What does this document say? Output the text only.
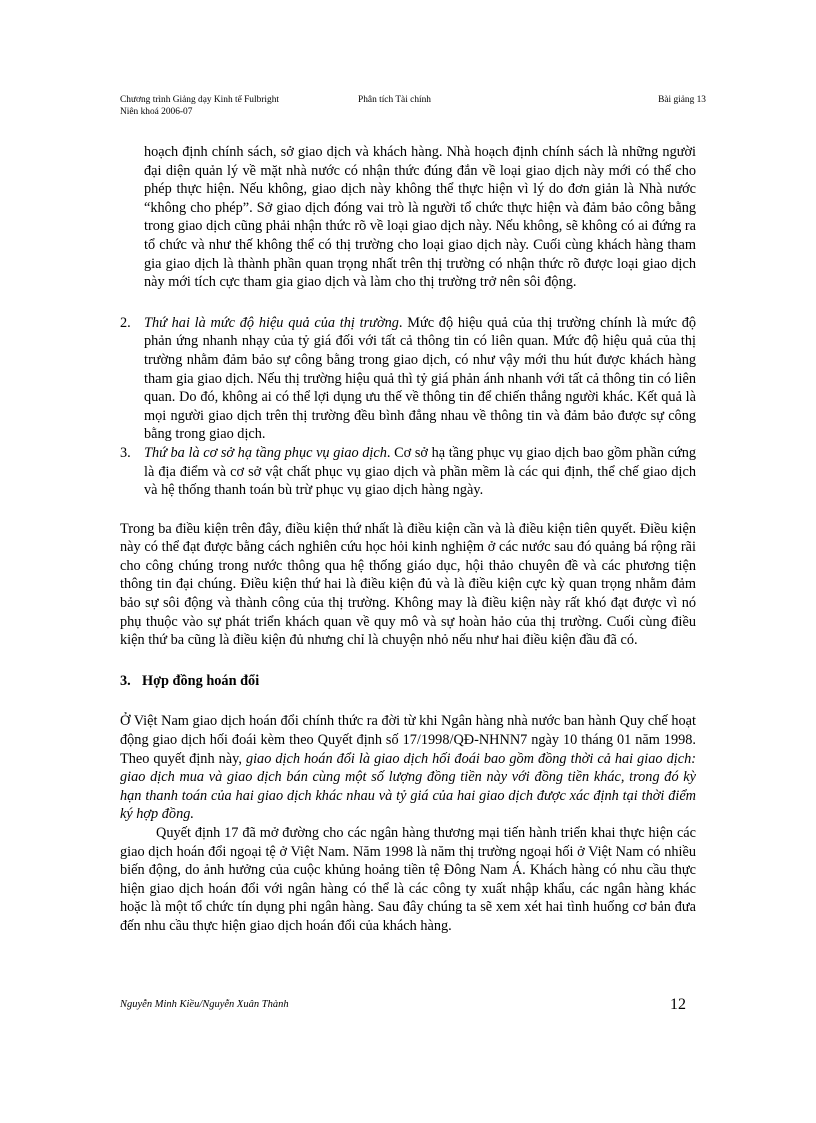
Chương trình Giảng dạy Kinh tế Fulbright
Niên khoá 2006-07
Phân tích Tài chính	Bài giảng 13

hoạch định chính sách, sở giao dịch và khách hàng. Nhà hoạch định chính sách là những người đại diện quản lý về mặt nhà nước có nhận thức đúng đắn về loại giao dịch này mới có thể cho phép thực hiện. Nếu không, giao dịch này không thể thực hiện vì lý do đơn giản là Nhà nước “không cho phép”. Sở giao dịch đóng vai trò là người tổ chức thực hiện và đảm bảo công bằng trong giao dịch cũng phải nhận thức rõ về loại giao dịch này. Nếu không, sẽ không có ai đứng ra tổ chức và như thế không thể có thị trường cho loại giao dịch này. Cuối cùng khách hàng tham gia giao dịch là thành phần quan trọng nhất trên thị trường có nhận thức rõ được loại giao dịch này mới tích cực tham gia giao dịch và làm cho thị trường trở nên sôi động.

2. Thứ hai là mức độ hiệu quả của thị trường. Mức độ hiệu quả của thị trường chính là mức độ phản ứng nhanh nhạy của tỷ giá đối với tất cả thông tin có liên quan. Mức độ hiệu quả của thị trường nhằm đảm bảo sự công bằng trong giao dịch, có như vậy mới thu hút được khách hàng tham gia giao dịch. Nếu thị trường hiệu quả thì tỷ giá phản ánh nhanh với tất cả thông tin có liên quan. Do đó, không ai có thể lợi dụng ưu thế về thông tin để chiến thắng người khác. Kết quả là mọi người giao dịch trên thị trường đều bình đẳng nhau về thông tin và đảm bảo được sự công bằng trong giao dịch.
3. Thứ ba là cơ sở hạ tầng phục vụ giao dịch. Cơ sở hạ tầng phục vụ giao dịch bao gồm phần cứng là địa điểm và cơ sở vật chất phục vụ giao dịch và phần mềm là các qui định, thể chế giao dịch và hệ thống thanh toán bù trừ phục vụ giao dịch hàng ngày.

Trong ba điều kiện trên đây, điều kiện thứ nhất là điều kiện cần và là điều kiện tiên quyết. Điều kiện này có thể đạt được bằng cách nghiên cứu học hỏi kinh nghiệm ở các nước sau đó quảng bá rộng rãi cho công chúng trong nước thông qua hệ thống giáo dục, hội thảo chuyên đề và các phương tiện thông tin đại chúng. Điều kiện thứ hai là điều kiện đủ và là điều kiện cực kỳ quan trọng nhằm đảm bảo sự sôi động và thành công của thị trường. Không may là điều kiện này rất khó đạt được vì nó phụ thuộc vào sự phát triển khách quan về quy mô và sự hoàn hảo của thị trường. Cuối cùng điều kiện thứ ba cũng là điều kiện đủ nhưng chỉ là chuyện nhỏ nếu như hai điều kiện đầu đã có.

3. Hợp đồng hoán đổi

Ở Việt Nam giao dịch hoán đổi chính thức ra đời từ khi Ngân hàng nhà nước ban hành Quy chế hoạt động giao dịch hối đoái kèm theo Quyết định số 17/1998/QĐ-NHNN7 ngày 10 tháng 01 năm 1998. Theo quyết định này, giao dịch hoán đổi là giao dịch hối đoái bao gồm đồng thời cả hai giao dịch: giao dịch mua và giao dịch bán cùng một số lượng đồng tiền này với đồng tiền khác, trong đó kỳ hạn thanh toán của hai giao dịch khác nhau và tỷ giá của hai giao dịch được xác định tại thời điểm ký hợp đồng.

Quyết định 17 đã mở đường cho các ngân hàng thương mại tiến hành triển khai thực hiện các giao dịch hoán đổi ngoại tệ ở Việt Nam. Năm 1998 là năm thị trường ngoại hối ở Việt Nam có nhiều biến động, do ảnh hưởng của cuộc khủng hoảng tiền tệ Đông Nam Á. Khách hàng có nhu cầu thực hiện giao dịch hoán đổi với ngân hàng có thể là các công ty xuất nhập khẩu, các ngân hàng khác hoặc là một tổ chức tín dụng phi ngân hàng. Sau đây chúng ta sẽ xem xét hai tình huống cơ bản đưa đến nhu cầu thực hiện giao dịch hoán đổi của khách hàng.

Nguyễn Minh Kiều/Nguyễn Xuân Thành	12
